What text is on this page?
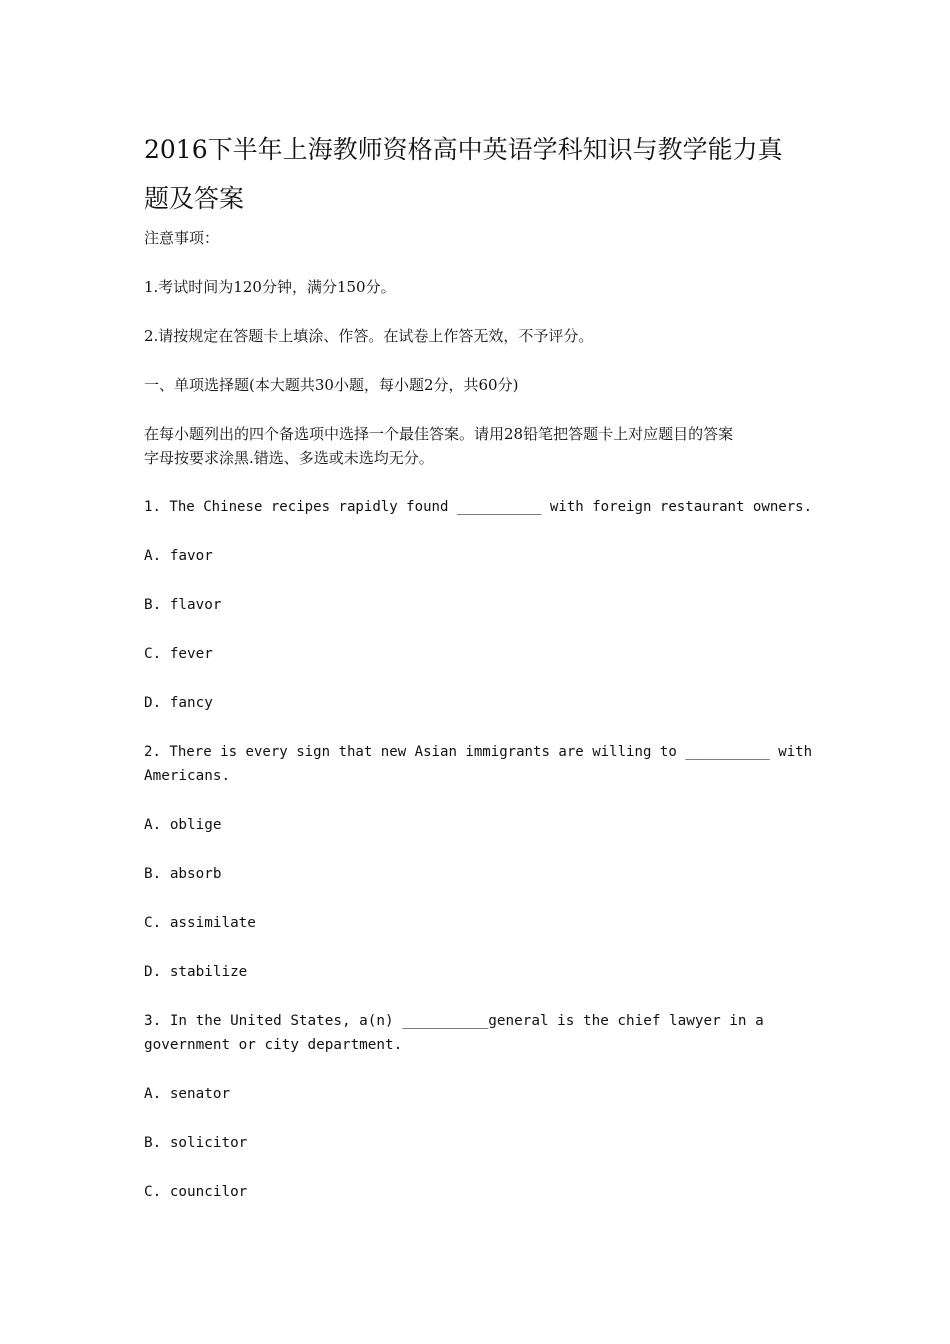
2016下半年上海教师资格高中英语学科知识与教学能力真
题及答案
注意事项：
1.考试时间为120分钟，满分150分。
2.请按规定在答题卡上填涂、作答。在试卷上作答无效，不予评分。
一、单项选择题(本大题共30小题，每小题2分，共60分)
在每小题列出的四个备选项中选择一个最佳答案。请用28铅笔把答题卡上对应题目的答案
字母按要求涂黑.错选、多选或未选均无分。
1. The Chinese recipes rapidly found __________ with foreign restaurant owners.
A. favor
B. flavor
C. fever
D. fancy
2. There is every sign that new Asian immigrants are willing to __________ with
Americans.
A. oblige
B. absorb
C. assimilate
D. stabilize
3. In the United States, a(n) __________general is the chief lawyer in a
government or city department.
A. senator
B. solicitor
C. councilor
